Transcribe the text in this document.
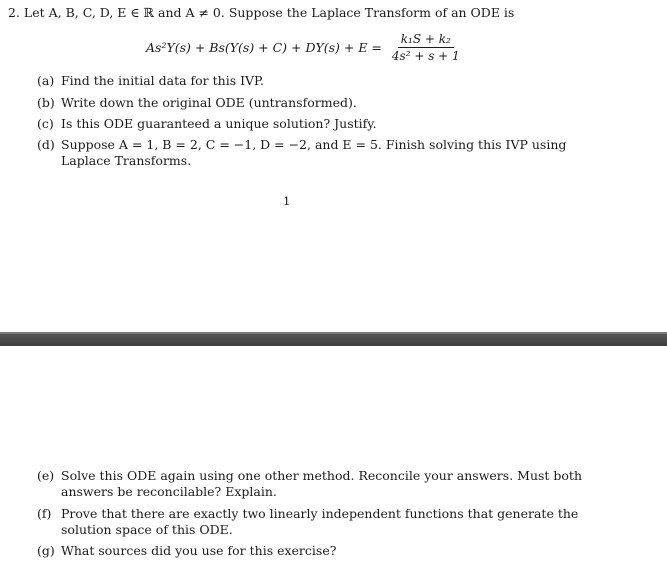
2. Let A, B, C, D, E ∈ ℝ and A ≠ 0. Suppose the Laplace Transform of an ODE is
$As^2Y(s) + Bs(Y(s) + C) + DY(s) + E = \frac{\text{k₁S + k₂}}{\text{4s² + s + 1}}$
(a) Find the initial data for this IVP.
(b) Write down the original ODE (untransformed).
(c) Is this ODE guaranteed a unique solution? Justify.
(d) Suppose A = 1, B = 2, C = −1, D = −2, and E = 5. Finish solving this IVP using Laplace Transforms.
1
(e) Solve this ODE again using one other method. Reconcile your answers. Must both answers be reconcilable? Explain.
(f) Prove that there are exactly two linearly independent functions that generate the solution space of this ODE.
(g) What sources did you use for this exercise?
